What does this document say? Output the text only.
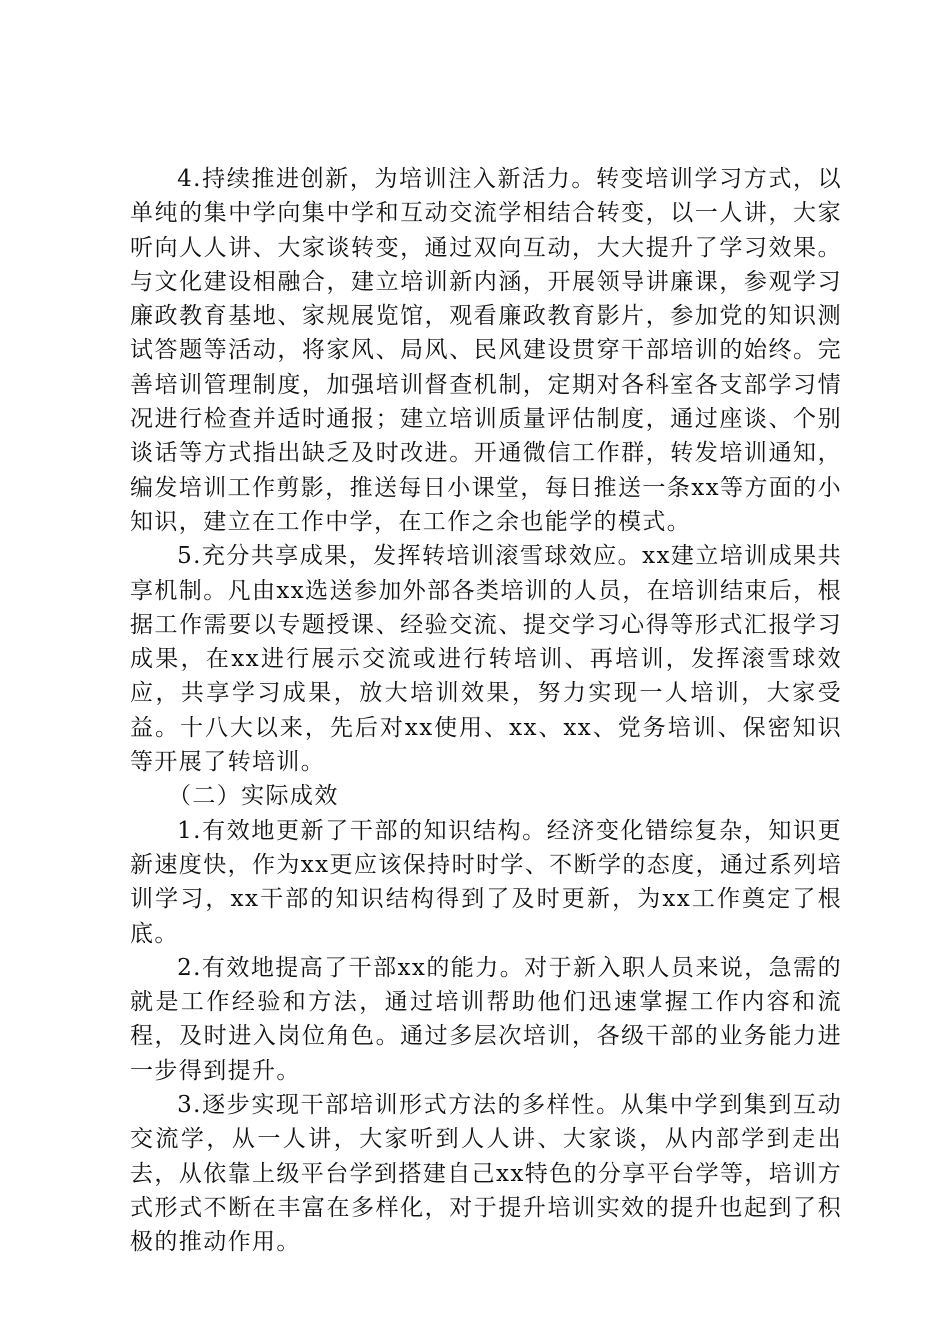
4.持续推进创新，为培训注入新活力。转变培训学习方式，以单纯的集中学向集中学和互动交流学相结合转变，以一人讲，大家听向人人讲、大家谈转变，通过双向互动，大大提升了学习效果。与文化建设相融合，建立培训新内涵，开展领导讲廉课，参观学习廉政教育基地、家规展览馆，观看廉政教育影片，参加党的知识测试答题等活动，将家风、局风、民风建设贯穿干部培训的始终。完善培训管理制度，加强培训督查机制，定期对各科室各支部学习情况进行检查并适时通报；建立培训质量评估制度，通过座谈、个别谈话等方式指出缺乏及时改进。开通微信工作群，转发培训通知，编发培训工作剪影，推送每日小课堂，每日推送一条xx等方面的小知识，建立在工作中学，在工作之余也能学的模式。

5.充分共享成果，发挥转培训滚雪球效应。xx建立培训成果共享机制。凡由xx选送参加外部各类培训的人员，在培训结束后，根据工作需要以专题授课、经验交流、提交学习心得等形式汇报学习成果，在xx进行展示交流或进行转培训、再培训，发挥滚雪球效应，共享学习成果，放大培训效果，努力实现一人培训，大家受益。十八大以来，先后对xx使用、xx、xx、党务培训、保密知识等开展了转培训。

（二）实际成效

1.有效地更新了干部的知识结构。经济变化错综复杂，知识更新速度快，作为xx更应该保持时时学、不断学的态度，通过系列培训学习，xx干部的知识结构得到了及时更新，为xx工作奠定了根底。

2.有效地提高了干部xx的能力。对于新入职人员来说，急需的就是工作经验和方法，通过培训帮助他们迅速掌握工作内容和流程，及时进入岗位角色。通过多层次培训，各级干部的业务能力进一步得到提升。

3.逐步实现干部培训形式方法的多样性。从集中学到集到互动交流学，从一人讲，大家听到人人讲、大家谈，从内部学到走出去，从依靠上级平台学到搭建自己xx特色的分享平台学等，培训方式形式不断在丰富在多样化，对于提升培训实效的提升也起到了积极的推动作用。
